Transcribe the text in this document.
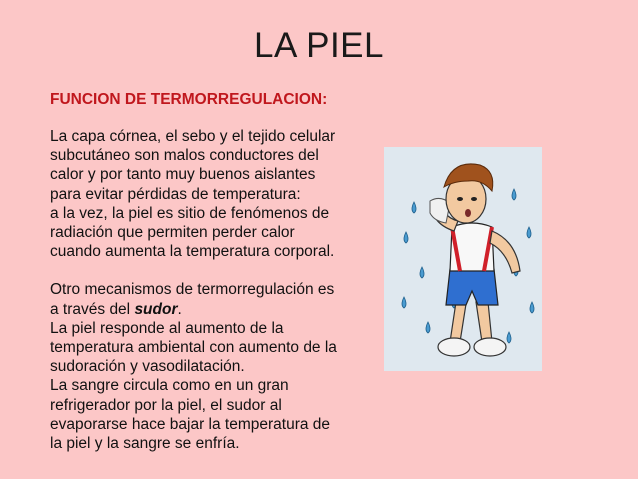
LA PIEL
FUNCION DE TERMORREGULACION:

La capa córnea, el sebo y el tejido celular

subcutáneo son malos conductores del

calor y por tanto muy buenos aislantes

para evitar pérdidas de temperatura:

a la vez, la piel es sitio de fenómenos de

radiación que permiten perder calor

cuando aumenta la temperatura corporal.

Otro mecanismos de termorregulación es

a través del sudor.

La piel responde al aumento de la

temperatura ambiental con aumento de la

sudoración y vasodilatación.

La sangre circula como en un gran

refrigerador por la piel, el sudor al

evaporarse hace bajar la temperatura de

la piel y la sangre se enfría.
